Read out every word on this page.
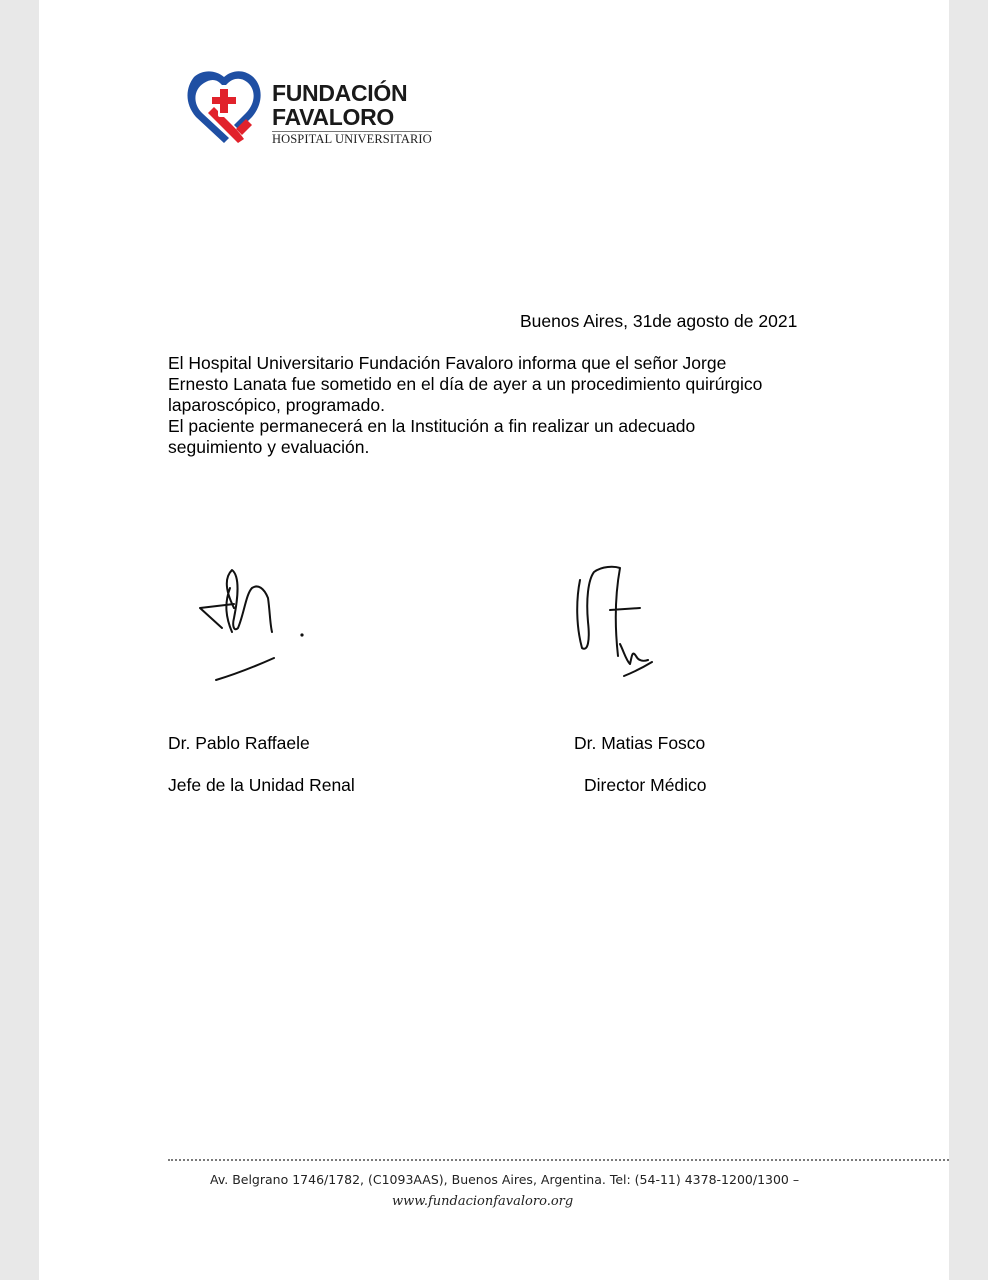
FUNDACIÓN
FAVALORO
HOSPITAL UNIVERSITARIO
Buenos Aires, 31de agosto de 2021
El Hospital Universitario Fundación Favaloro informa que el señor Jorge
Ernesto Lanata fue sometido en el día de ayer a un procedimiento quirúrgico
laparoscópico, programado.
El paciente permanecerá en la Institución a fin realizar un adecuado
seguimiento y evaluación.
Dr. Pablo Raffaele
Jefe de la Unidad Renal
Dr. Matias Fosco
Director Médico
Av. Belgrano 1746/1782, (C1093AAS), Buenos Aires, Argentina. Tel: (54-11) 4378-1200/1300 –
www.fundacionfavaloro.org
